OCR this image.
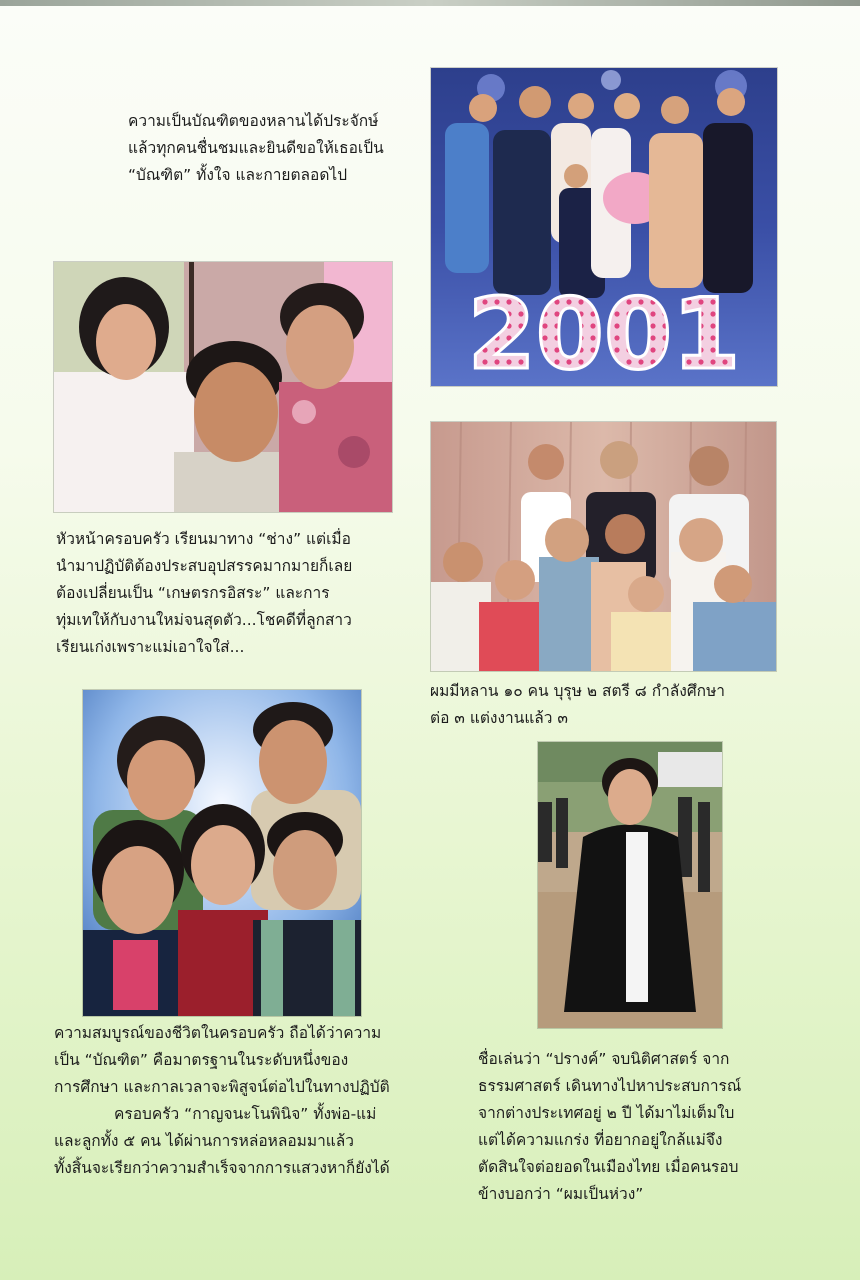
ความเป็นบัณฑิตของหลานได้ประจักษ์
แล้วทุกคนชื่นชมและยินดีขอให้เธอเป็น
“บัณฑิต” ทั้งใจ และกายตลอดไป

2001

หัวหน้าครอบครัว เรียนมาทาง “ช่าง” แต่เมื่อ
นำมาปฏิบัติต้องประสบอุปสรรคมากมายก็เลย
ต้องเปลี่ยนเป็น “เกษตรกรอิสระ” และการ
ทุ่มเทให้กับงานใหม่จนสุดตัว...โชคดีที่ลูกสาว
เรียนเก่งเพราะแม่เอาใจใส่...

ผมมีหลาน ๑๐ คน บุรุษ ๒ สตรี ๘ กำลังศึกษา
ต่อ ๓ แต่งงานแล้ว ๓

ความสมบูรณ์ของชีวิตในครอบครัว ถือได้ว่าความ
เป็น “บัณฑิต” คือมาตรฐานในระดับหนึ่งของ
การศึกษา และกาลเวลาจะพิสูจน์ต่อไปในทางปฏิบัติ
ครอบครัว “กาญจนะโนพินิจ” ทั้งพ่อ-แม่
และลูกทั้ง ๕ คน ได้ผ่านการหล่อหลอมมาแล้ว
ทั้งสิ้นจะเรียกว่าความสำเร็จจากการแสวงหาก็ยังได้

ชื่อเล่นว่า “ปรางค์” จบนิติศาสตร์ จาก
ธรรมศาสตร์ เดินทางไปหาประสบการณ์
จากต่างประเทศอยู่ ๒ ปี ได้มาไม่เต็มใบ
แต่ได้ความแกร่ง ที่อยากอยู่ใกล้แม่จึง
ตัดสินใจต่อยอดในเมืองไทย เมื่อคนรอบ
ข้างบอกว่า “ผมเป็นห่วง”
